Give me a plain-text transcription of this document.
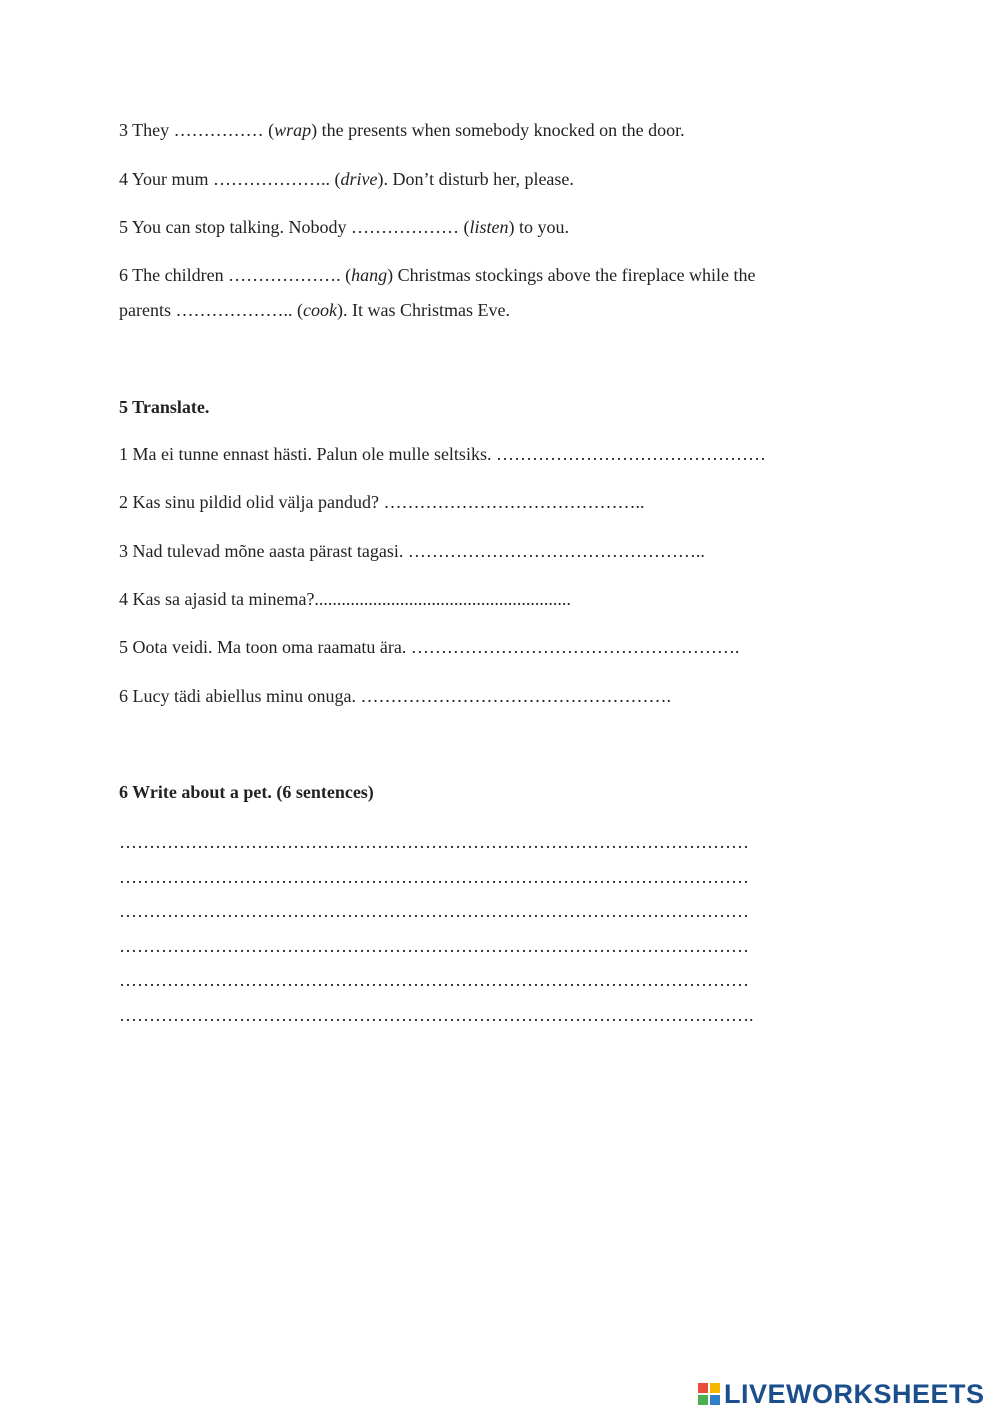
3 They …………… (wrap) the presents when somebody knocked on the door.
4 Your mum ……………….. (drive). Don’t disturb her, please.
5 You can stop talking. Nobody ……………… (listen) to you.
6 The children ………………. (hang) Christmas stockings above the fireplace while the
parents ……………….. (cook). It was Christmas Eve.
5 Translate.
1 Ma ei tunne ennast hästi. Palun ole mulle seltsiks. ………………………………………
2 Kas sinu pildid olid välja pandud? ……………………………………..
3 Nad tulevad mõne aasta pärast tagasi. …………………………………………..
4 Kas sa ajasid ta minema?.........................................................
5 Oota veidi. Ma toon oma raamatu ära. ……………………………………………….
6 Lucy tädi abiellus minu onuga. …………………………………………….
6 Write about a pet. (6 sentences)
……………………………………………………………………………………………
……………………………………………………………………………………………
……………………………………………………………………………………………
……………………………………………………………………………………………
……………………………………………………………………………………………
…………………………………………………………………………………………….
LIVEWORKSHEETS
